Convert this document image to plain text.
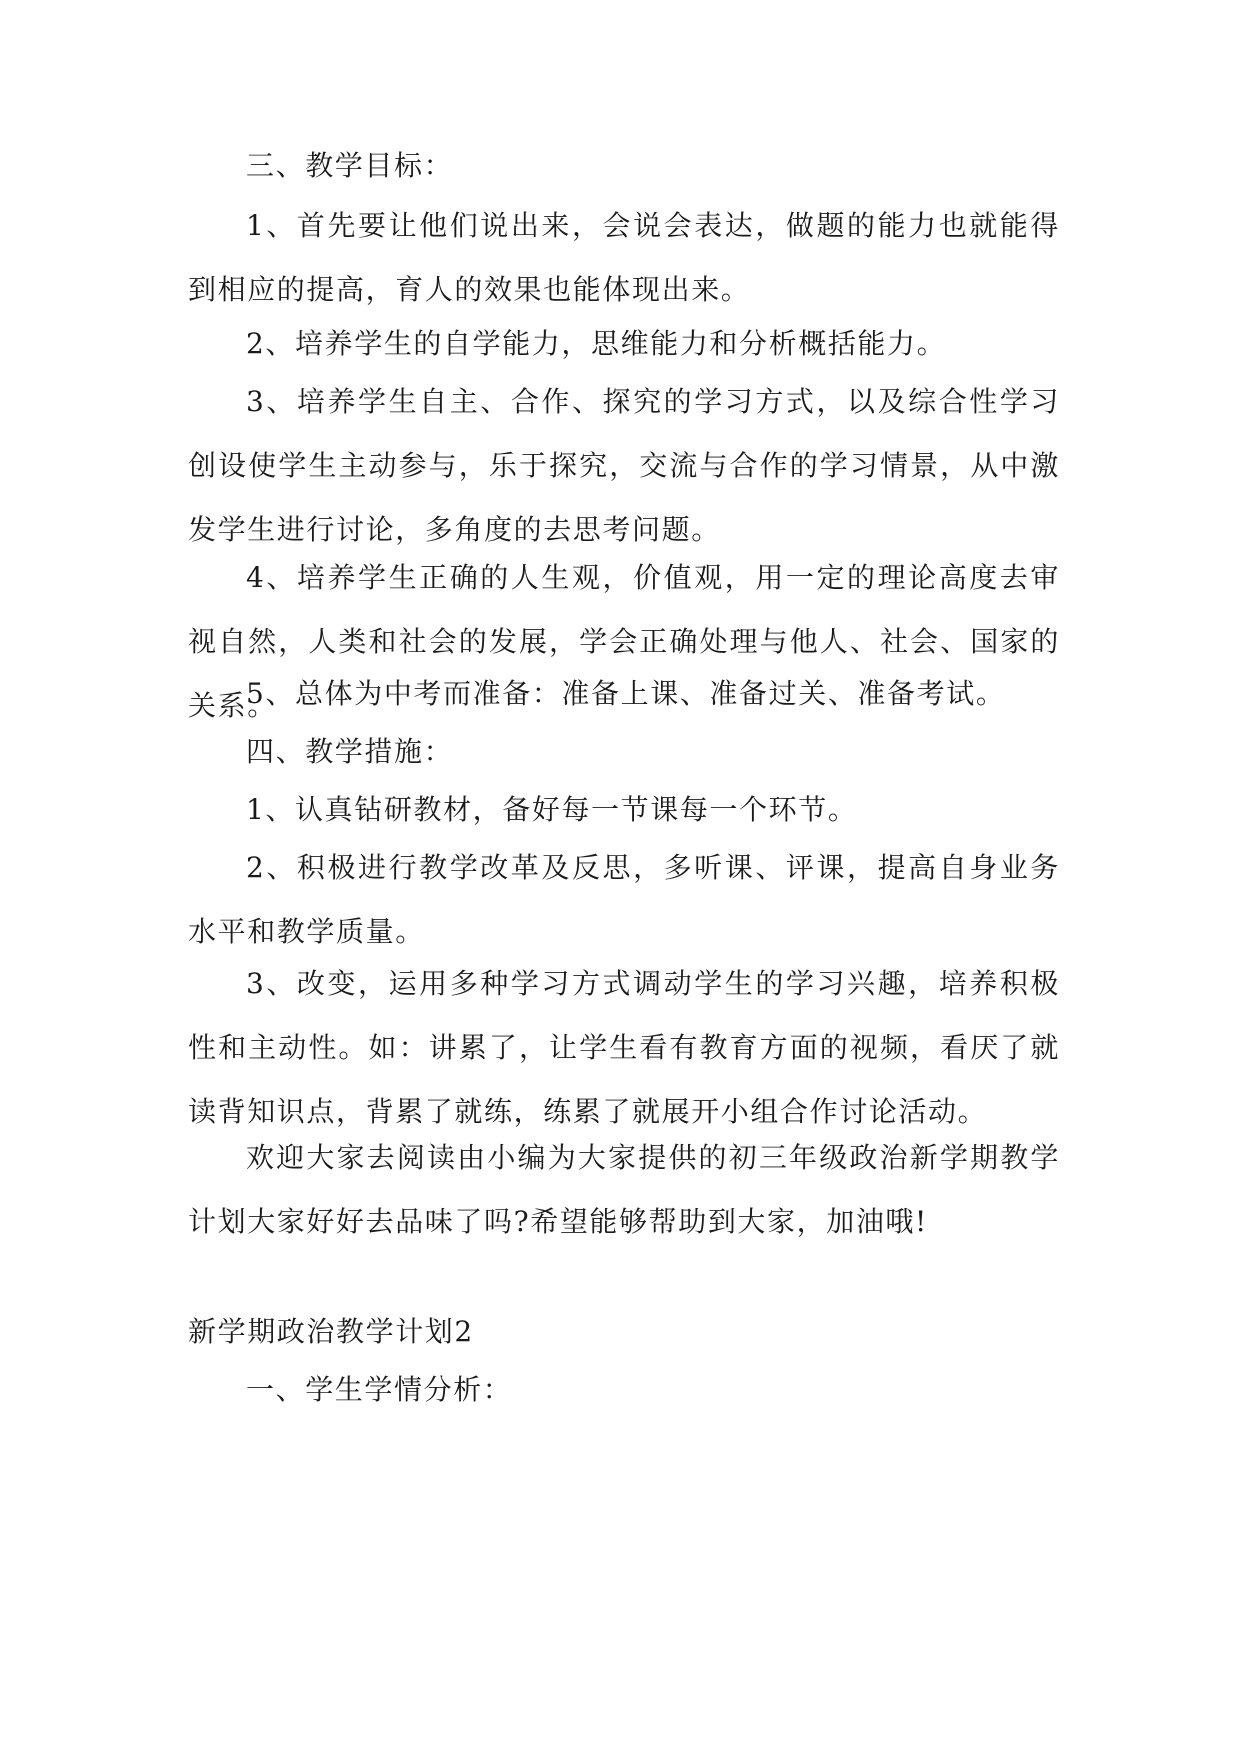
三、教学目标：

1、首先要让他们说出来，会说会表达，做题的能力也就能得到相应的提高，育人的效果也能体现出来。

2、培养学生的自学能力，思维能力和分析概括能力。

3、培养学生自主、合作、探究的学习方式，以及综合性学习创设使学生主动参与，乐于探究，交流与合作的学习情景，从中激发学生进行讨论，多角度的去思考问题。

4、培养学生正确的人生观，价值观，用一定的理论高度去审视自然，人类和社会的发展，学会正确处理与他人、社会、国家的关系。

5、总体为中考而准备：准备上课、准备过关、准备考试。

四、教学措施：

1、认真钻研教材，备好每一节课每一个环节。

2、积极进行教学改革及反思，多听课、评课，提高自身业务水平和教学质量。

3、改变，运用多种学习方式调动学生的学习兴趣，培养积极性和主动性。如：讲累了，让学生看有教育方面的视频，看厌了就读背知识点，背累了就练，练累了就展开小组合作讨论活动。

欢迎大家去阅读由小编为大家提供的初三年级政治新学期教学计划大家好好去品味了吗?希望能够帮助到大家，加油哦!

新学期政治教学计划2

一、学生学情分析：
